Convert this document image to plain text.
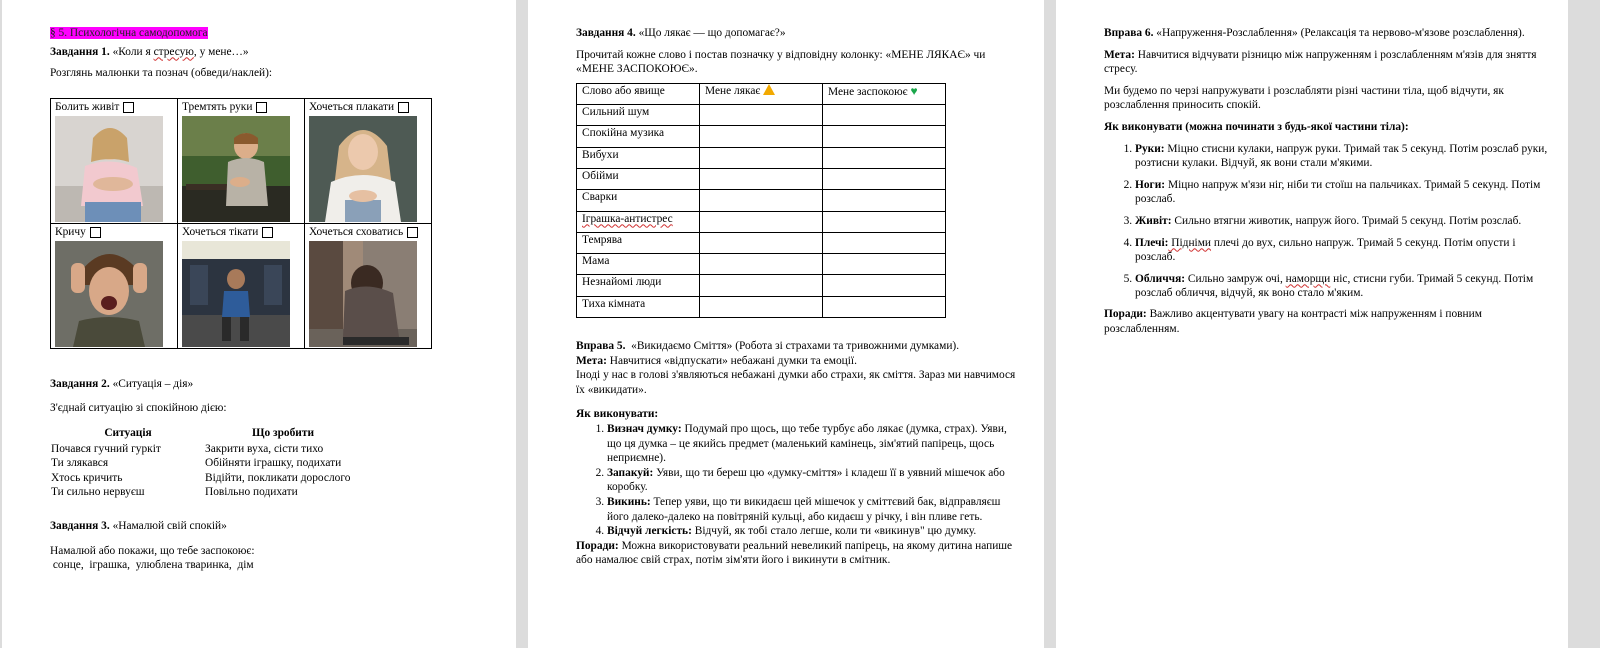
§ 5. Психологічна самодопомога

Завдання 1. «Коли я стресую, у мене…»

Розглянь малюнки та познач (обведи/наклей):

Болить живіт	Тремтять руки	Хочеться плакати

Кричу	Хочеться тікати	Хочеться сховатись

Завдання 2. «Ситуація – дія»

З'єднай ситуацію зі спокійною дією:

Ситуація	Що зробити
Почався гучний гуркіт	Закрити вуха, сісти тихо
Ти злякався	Обійняти іграшку, подихати
Хтось кричить	Відійти, покликати дорослого
Ти сильно нервуєш	Повільно подихати

Завдання 3. «Намалюй свій спокій»

Намалюй або покажи, що тебе заспокоює:

сонце,  іграшка,  улюблена тваринка,  дім

Завдання 4. «Що лякає — що допомагає?»

Прочитай кожне слово і постав позначку у відповідну колонку: «МЕНЕ ЛЯКАЄ» чи «МЕНЕ ЗАСПОКОЮЄ».

Слово або явище	Мене лякає	Мене заспокоює ♥
Сильний шум		
Спокійна музика		
Вибухи		
Обійми		
Сварки		
Іграшка-антистрес		
Темрява		
Мама		
Незнайомі люди		
Тиха кімната		

Вправа 5.  «Викидаємо Сміття» (Робота зі страхами та тривожними думками).

Мета: Навчитися «відпускати» небажані думки та емоції.

Іноді у нас в голові з'являються небажані думки або страхи, як сміття. Зараз ми навчимося їх «викидати».

Як виконувати:

1. Визнач думку: Подумай про щось, що тебе турбує або лякає (думка, страх). Уяви, що ця думка – це якийсь предмет (маленький камінець, зім'ятий папірець, щось неприємне).
2. Запакуй: Уяви, що ти береш цю «думку-сміття» і кладеш її в уявний мішечок або коробку.
3. Викинь: Тепер уяви, що ти викидаєш цей мішечок у сміттєвий бак, відправляєш його далеко-далеко на повітряній кульці, або кидаєш у річку, і він пливе геть.
4. Відчуй легкість: Відчуй, як тобі стало легше, коли ти «викинув" цю думку.

Поради: Можна використовувати реальний невеликий папірець, на якому дитина напише або намалює свій страх, потім зім'яти його і викинути в смітник.

Вправа 6. «Напруження-Розслаблення» (Релаксація та нервово-м'язове розслаблення).

Мета: Навчитися відчувати різницю між напруженням і розслабленням м'язів для зняття стресу.

Ми будемо по черзі напружувати і розслабляти різні частини тіла, щоб відчути, як розслаблення приносить спокій.

Як виконувати (можна починати з будь-якої частини тіла):

1. Руки: Міцно стисни кулаки, напруж руки. Тримай так 5 секунд. Потім розслаб руки, розтисни кулаки. Відчуй, як вони стали м'якими.
2. Ноги: Міцно напруж м'язи ніг, ніби ти стоїш на пальчиках. Тримай 5 секунд. Потім розслаб.
3. Живіт: Сильно втягни животик, напруж його. Тримай 5 секунд. Потім розслаб.
4. Плечі: Підніми плечі до вух, сильно напруж. Тримай 5 секунд. Потім опусти і розслаб.
5. Обличчя: Сильно замруж очі, наморщи ніс, стисни губи. Тримай 5 секунд. Потім розслаб обличчя, відчуй, як воно стало м'яким.

Поради: Важливо акцентувати увагу на контрасті між напруженням і повним розслабленням.
